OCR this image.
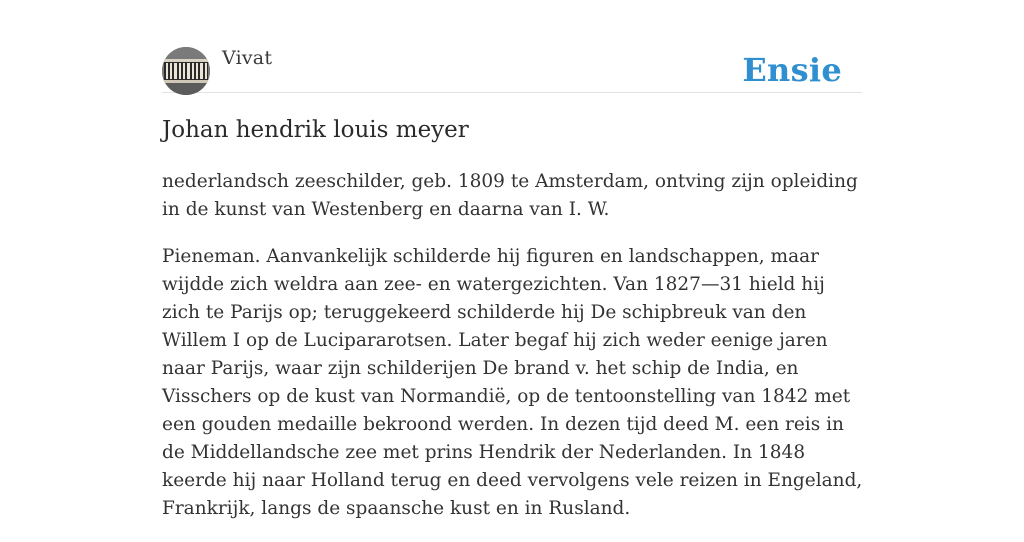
Vivat	Ensie
Johan hendrik louis meyer

nederlandsch zeeschilder, geb. 1809 te Amsterdam, ontving zijn opleiding in de kunst van Westenberg en daarna van I. W.

Pieneman. Aanvankelijk schilderde hij figuren en landschappen, maar wijdde zich weldra aan zee- en watergezichten. Van 1827—31 hield hij zich te Parijs op; teruggekeerd schilderde hij De schipbreuk van den Willem I op de Lucipararotsen. Later begaf hij zich weder eenige jaren naar Parijs, waar zijn schilderijen De brand v. het schip de India, en Visschers op de kust van Normandië, op de tentoonstelling van 1842 met een gouden medaille bekroond werden. In dezen tijd deed M. een reis in de Middellandsche zee met prins Hendrik der Nederlanden. In 1848 keerde hij naar Holland terug en deed vervolgens vele reizen in Engeland, Frankrijk, langs de spaansche kust en in Rusland.
